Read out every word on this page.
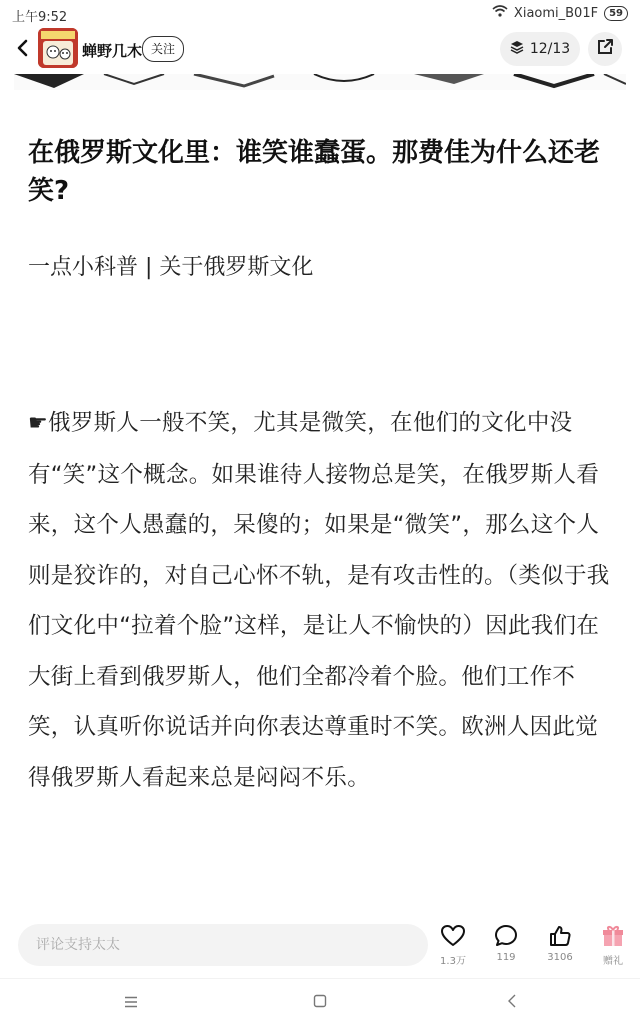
上午9:52	Xiaomi_B01F	59
蝉野几木 关注	12/13
在俄罗斯文化里：谁笑谁蠢蛋。那费佳为什么还老笑?

一点小科普 | 关于俄罗斯文化

☛俄罗斯人一般不笑，尤其是微笑，在他们的文化中没有“笑”这个概念。如果谁待人接物总是笑，在俄罗斯人看来，这个人愚蠢的，呆傻的；如果是“微笑”，那么这个人则是狡诈的，对自己心怀不轨，是有攻击性的。（类似于我们文化中“拉着个脸”这样，是让人不愉快的）因此我们在大街上看到俄罗斯人，他们全都冷着个脸。他们工作不笑，认真听你说话并向你表达尊重时不笑。欧洲人因此觉得俄罗斯人看起来总是闷闷不乐。

评论支持太太
1.3万	119	3106	赠礼
